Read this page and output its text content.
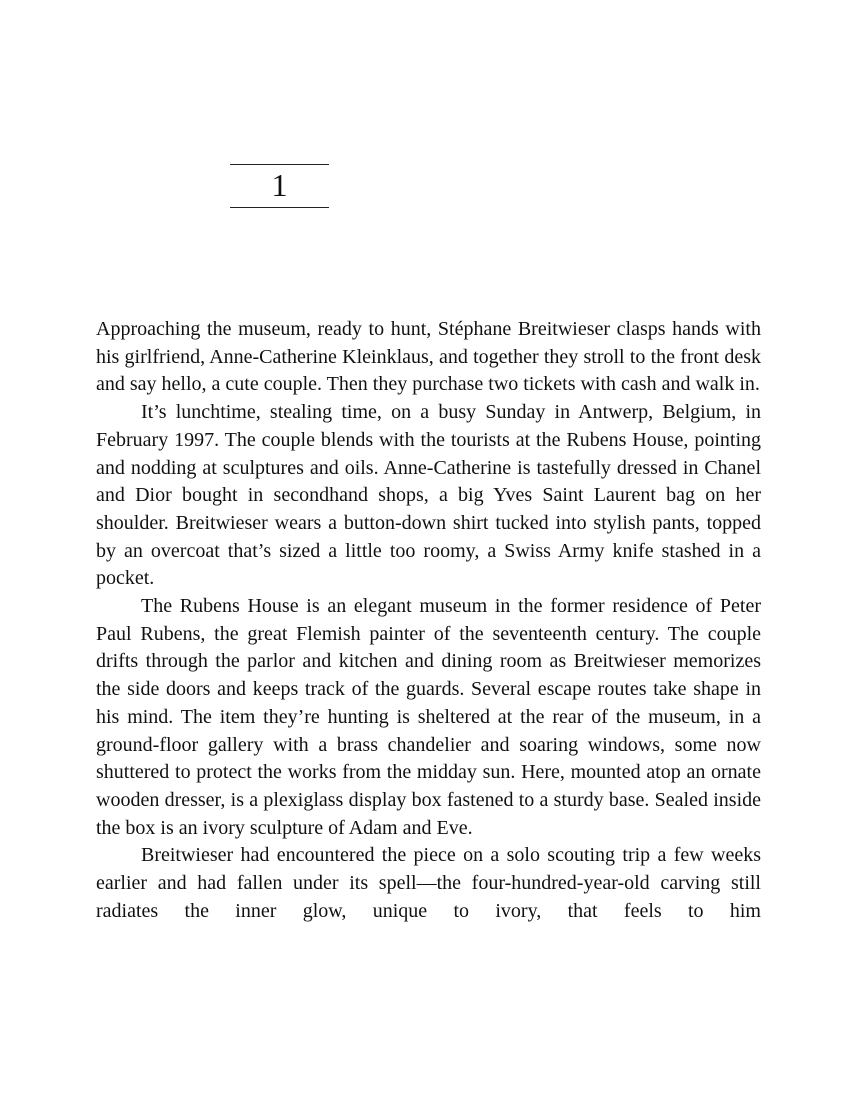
1

Approaching the museum, ready to hunt, Stéphane Breitwieser clasps hands with his girlfriend, Anne-Catherine Kleinklaus, and together they stroll to the front desk and say hello, a cute couple. Then they purchase two tickets with cash and walk in.

It’s lunchtime, stealing time, on a busy Sunday in Antwerp, Belgium, in February 1997. The couple blends with the tourists at the Rubens House, pointing and nodding at sculptures and oils. Anne-Catherine is tastefully dressed in Chanel and Dior bought in secondhand shops, a big Yves Saint Laurent bag on her shoulder. Breitwieser wears a button-down shirt tucked into stylish pants, topped by an overcoat that’s sized a little too roomy, a Swiss Army knife stashed in a pocket.

The Rubens House is an elegant museum in the former residence of Peter Paul Rubens, the great Flemish painter of the seventeenth century. The couple drifts through the parlor and kitchen and dining room as Breitwieser memorizes the side doors and keeps track of the guards. Several escape routes take shape in his mind. The item they’re hunting is sheltered at the rear of the museum, in a ground-floor gallery with a brass chandelier and soaring windows, some now shuttered to protect the works from the midday sun. Here, mounted atop an ornate wooden dresser, is a plexiglass display box fastened to a sturdy base. Sealed inside the box is an ivory sculpture of Adam and Eve.

Breitwieser had encountered the piece on a solo scouting trip a few weeks earlier and had fallen under its spell—the four-hundred-year-old carving still radiates the inner glow, unique to ivory, that feels to him
